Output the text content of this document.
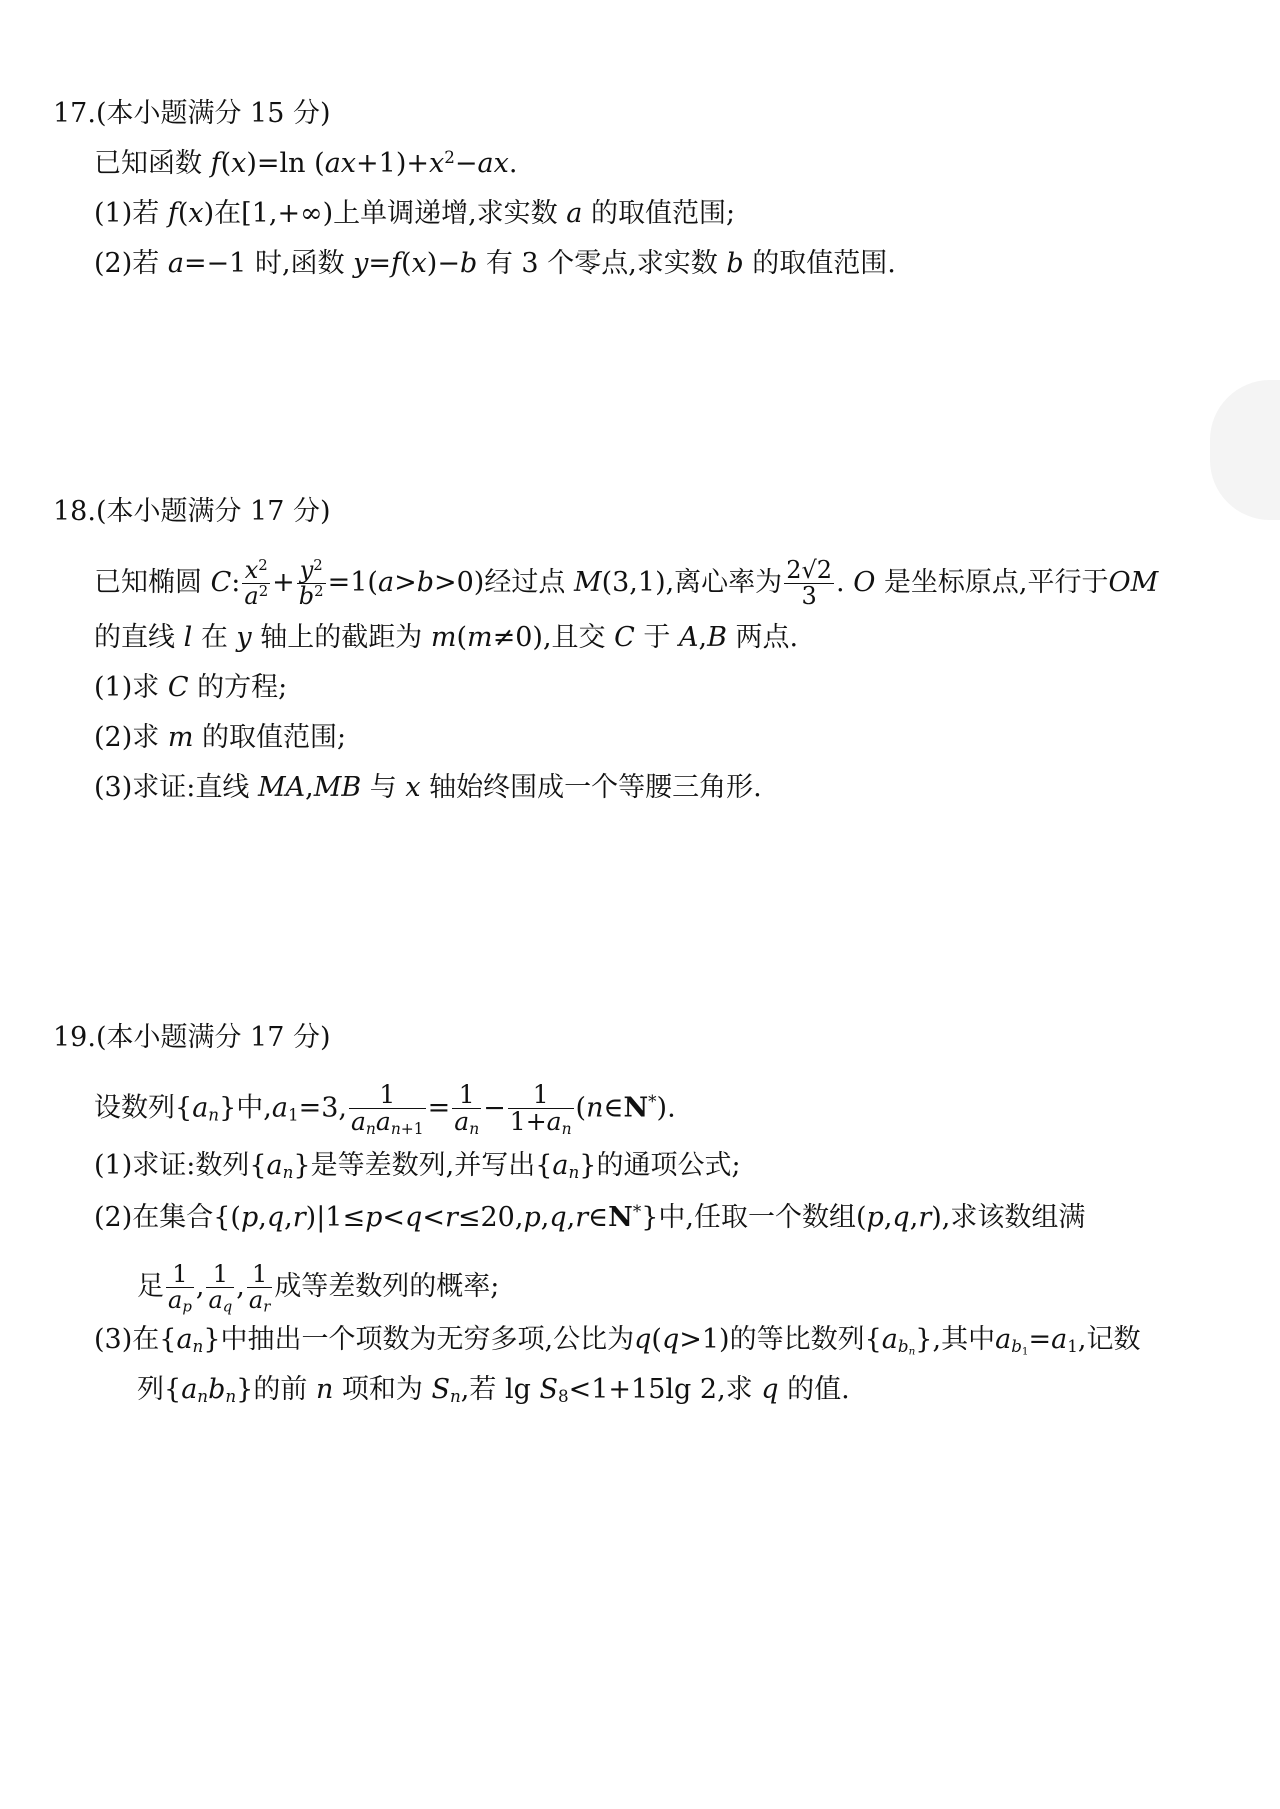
17.(本小题满分 15 分)
已知函数 f(x)=ln $(ax+1)+x^2-ax$.
(1)若 f(x)在[1,+∞)上单调递增,求实数 a 的取值范围;
(2)若 a=−1 时,函数 y=f(x)−b 有 3 个零点,求实数 b 的取值范围.
18.(本小题满分 17 分)
已知椭圆 C: $\frac{x^2}{a^2} + \frac{y^2}{b^2} =1(a>b>0)$经过点 M(3,1),离心率为 $\frac{2√2}{3}$ . O 是坐标原点,平行于OM
的直线 l 在 y 轴上的截距为 m(m≠0),且交 C 于 A,B 两点.
(1)求 C 的方程;
(2)求 m 的取值范围;
(3)求证:直线 MA,MB 与 x 轴始终围成一个等腰三角形.
19.(本小题满分 17 分)
设数列$\{a_n\}$中$,a_1=3$, $\frac{1}{a_na_{n+1}} = \frac{1}{a_n} - \frac{1}{1+a_n}$ (n∈N*).
(1)求证:数列$\{a_n\}$是等差数列,并写出$\{a_n\}$的通项公式;
(2)在集合{(p,q,r)|1≤p<q<r≤20,p,q,r∈N*}中,任取一个数组(p,q,r),求该数组满
足 $\frac{1}{a_p}$ , $\frac{1}{a_q}$ , $\frac{1}{a_r}$ 成等差数列的概率;
(3)在$\{a_n\}$中抽出一个项数为无穷多项,公比为q(q>1)的等比数列$\{a_{b_n}\}$,其中$a_{b_1}=a_1$,记数
列$\{a_nb_n\}$的前 n 项和为 $S_n$,若 $\lg S_8<1+15\lg$ 2,求 q 的值.
